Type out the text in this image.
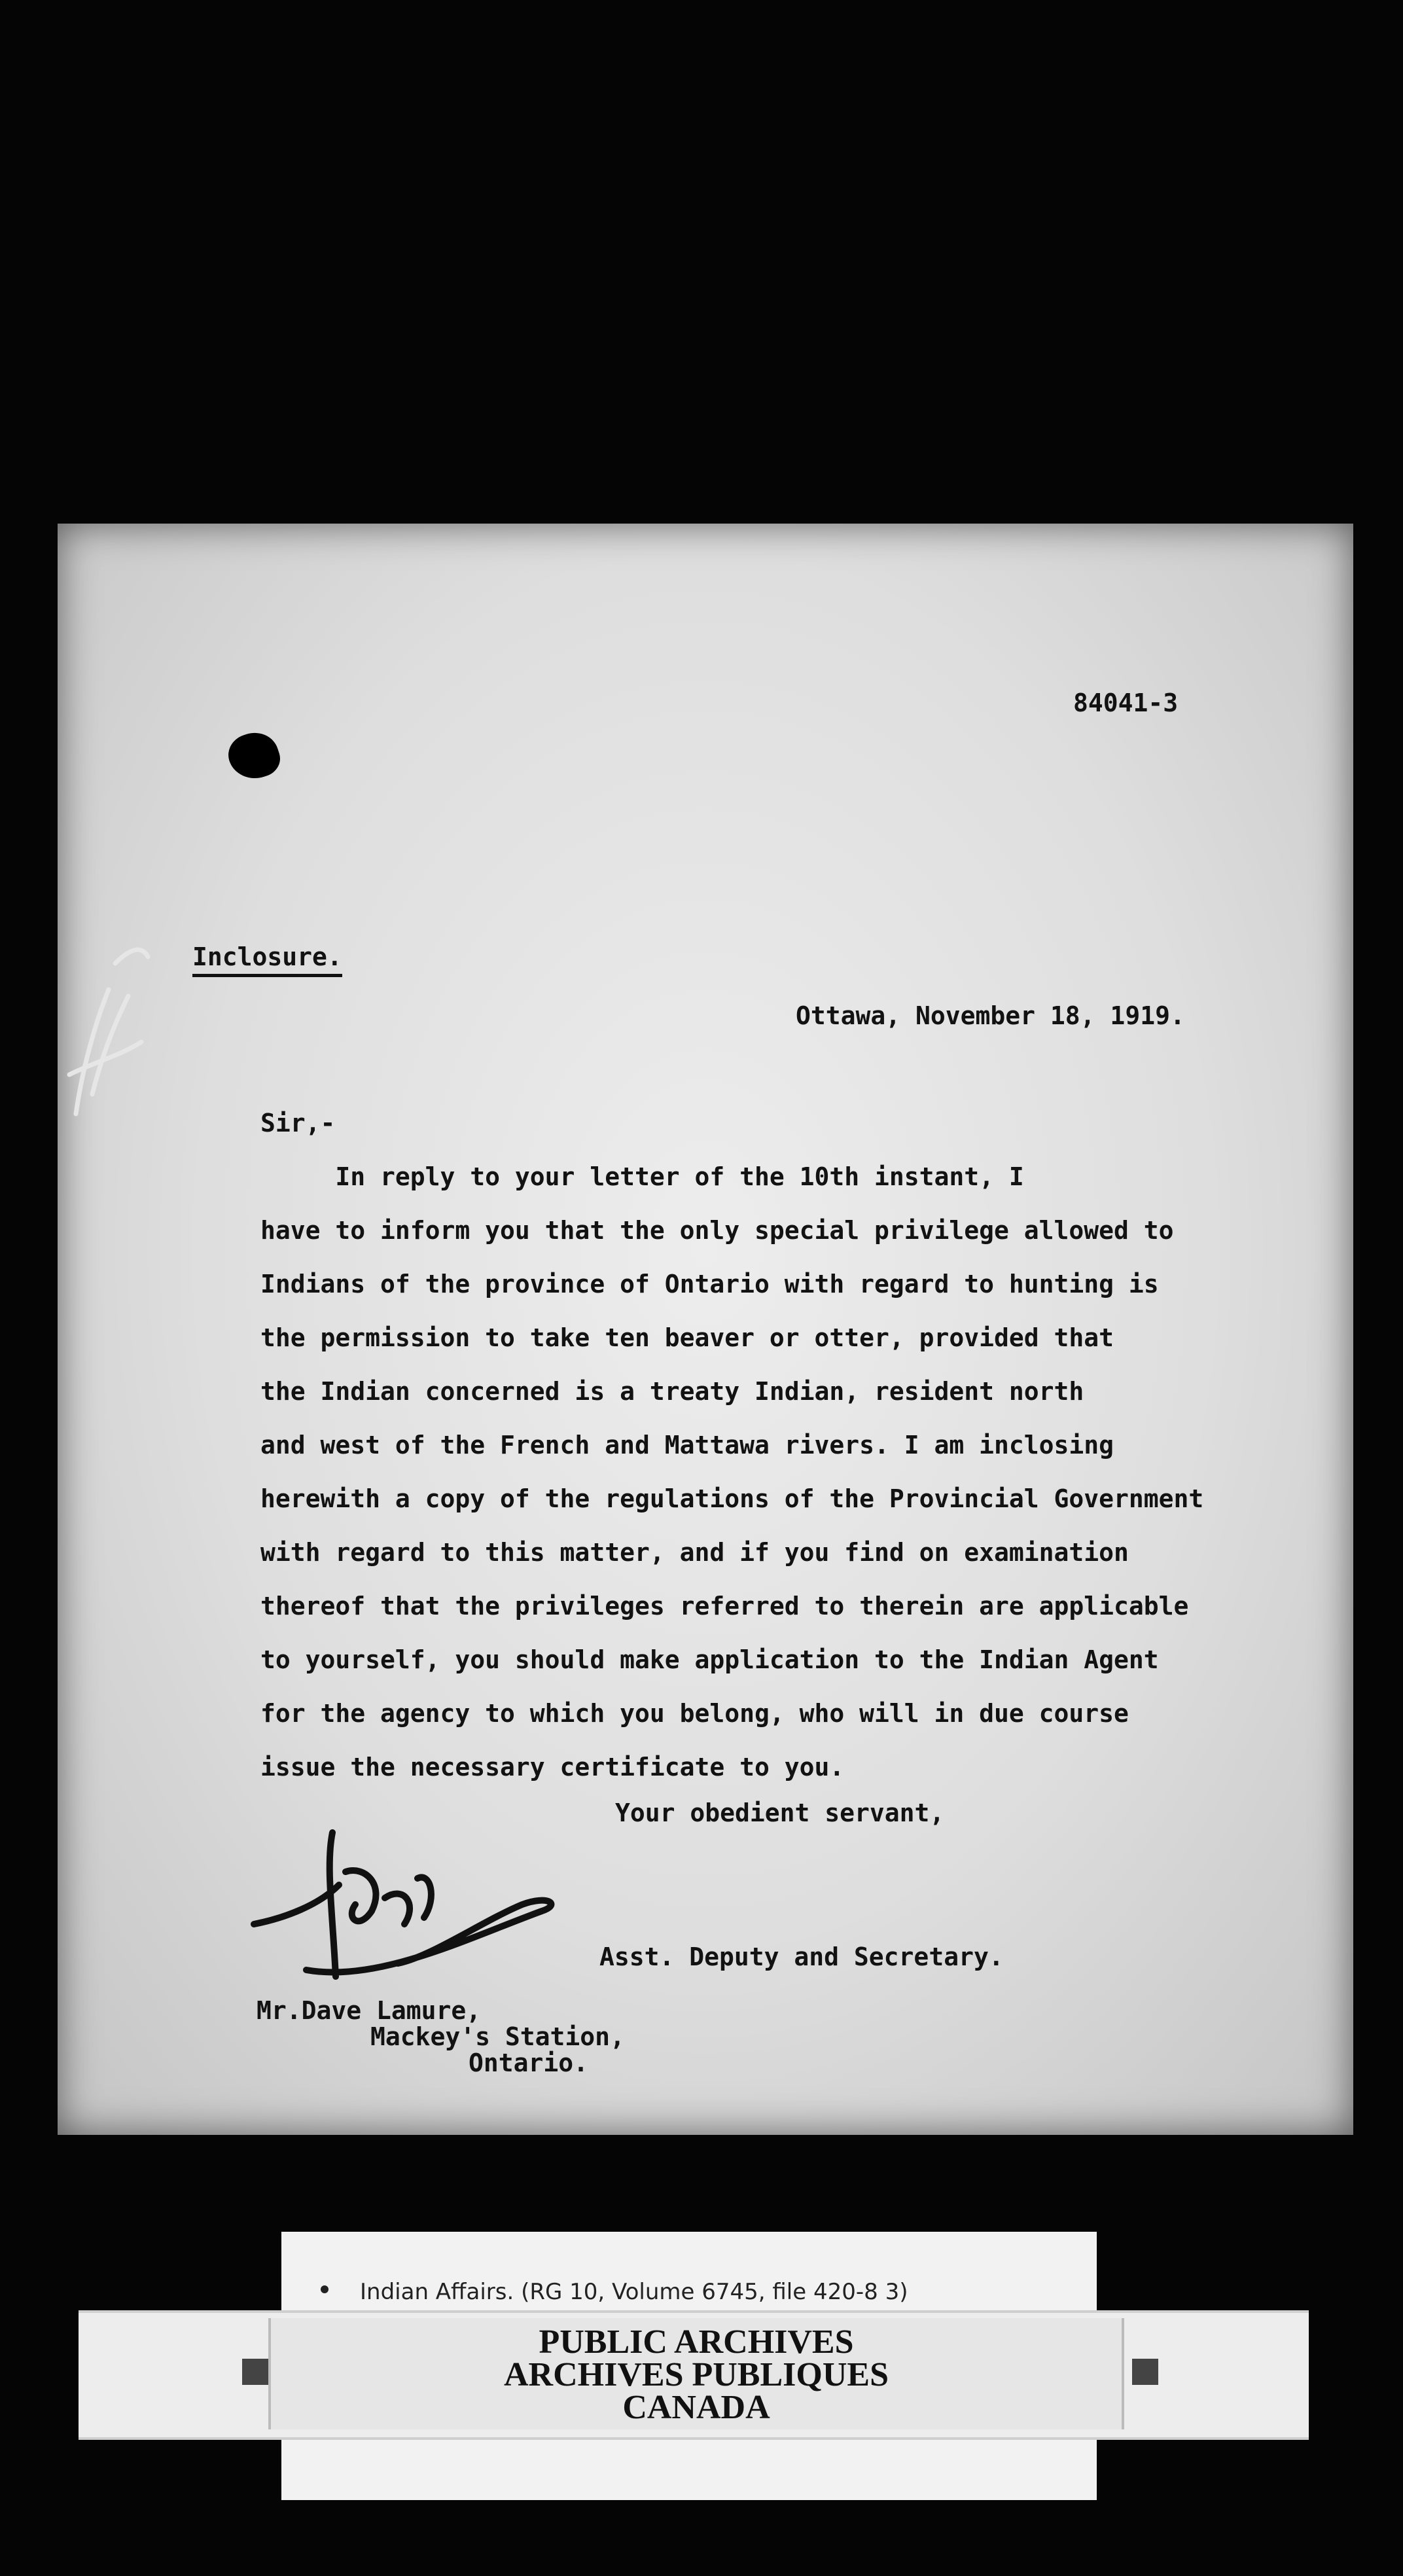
84041-3
Inclosure.
Ottawa, November 18, 1919.
Sir,-
In reply to your letter of the 10th instant, I
have to inform you that the only special privilege allowed to
Indians of the province of Ontario with regard to hunting is
the permission to take ten beaver or otter, provided that
the Indian concerned is a treaty Indian, resident north
and west of the French and Mattawa rivers. I am inclosing
herewith a copy of the regulations of the Provincial Government
with regard to this matter, and if you find on examination
thereof that the privileges referred to therein are applicable
to yourself, you should make application to the Indian Agent
for the agency to which you belong, who will in due course
issue the necessary certificate to you.
Your obedient servant,
Asst. Deputy and Secretary.
Mr.Dave Lamure,
Mackey's Station,
Ontario.
Indian Affairs. (RG 10, Volume 6745, file 420-8 3)
PUBLIC ARCHIVES
ARCHIVES PUBLIQUES
CANADA
